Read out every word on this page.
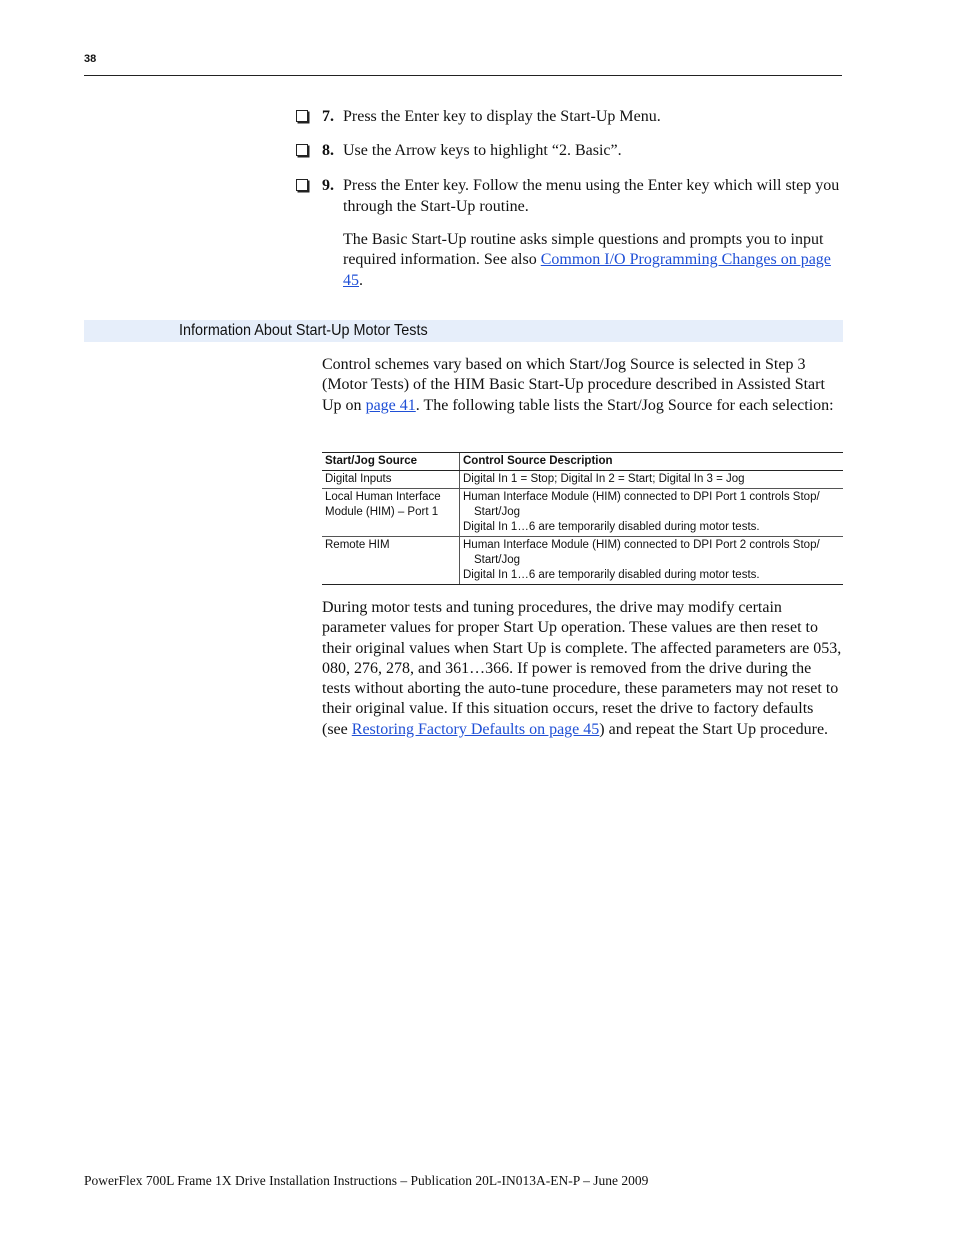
38
7. Press the Enter key to display the Start-Up Menu.
8. Use the Arrow keys to highlight “2. Basic”.
9. Press the Enter key. Follow the menu using the Enter key which will step you through the Start-Up routine.
The Basic Start-Up routine asks simple questions and prompts you to input required information. See also Common I/O Programming Changes on page 45.
Information About Start-Up Motor Tests
Control schemes vary based on which Start/Jog Source is selected in Step 3 (Motor Tests) of the HIM Basic Start-Up procedure described in Assisted Start Up on page 41. The following table lists the Start/Jog Source for each selection:
Start/Jog Source	Control Source Description
Digital Inputs	Digital In 1 = Stop; Digital In 2 = Start; Digital In 3 = Jog

Local Human Interface Module (HIM) – Port 1	Human Interface Module (HIM) connected to DPI Port 1 controls Stop/
Start/Jog
Digital In 1…6 are temporarily disabled during motor tests.

Remote HIM	Human Interface Module (HIM) connected to DPI Port 2 controls Stop/
Start/Jog
Digital In 1…6 are temporarily disabled during motor tests.
During motor tests and tuning procedures, the drive may modify certain parameter values for proper Start Up operation. These values are then reset to their original values when Start Up is complete. The affected parameters are 053, 080, 276, 278, and 361…366. If power is removed from the drive during the tests without aborting the auto-tune procedure, these parameters may not reset to their original value. If this situation occurs, reset the drive to factory defaults (see Restoring Factory Defaults on page 45) and repeat the Start Up procedure.
PowerFlex 700L Frame 1X Drive Installation Instructions – Publication 20L-IN013A-EN-P – June 2009
